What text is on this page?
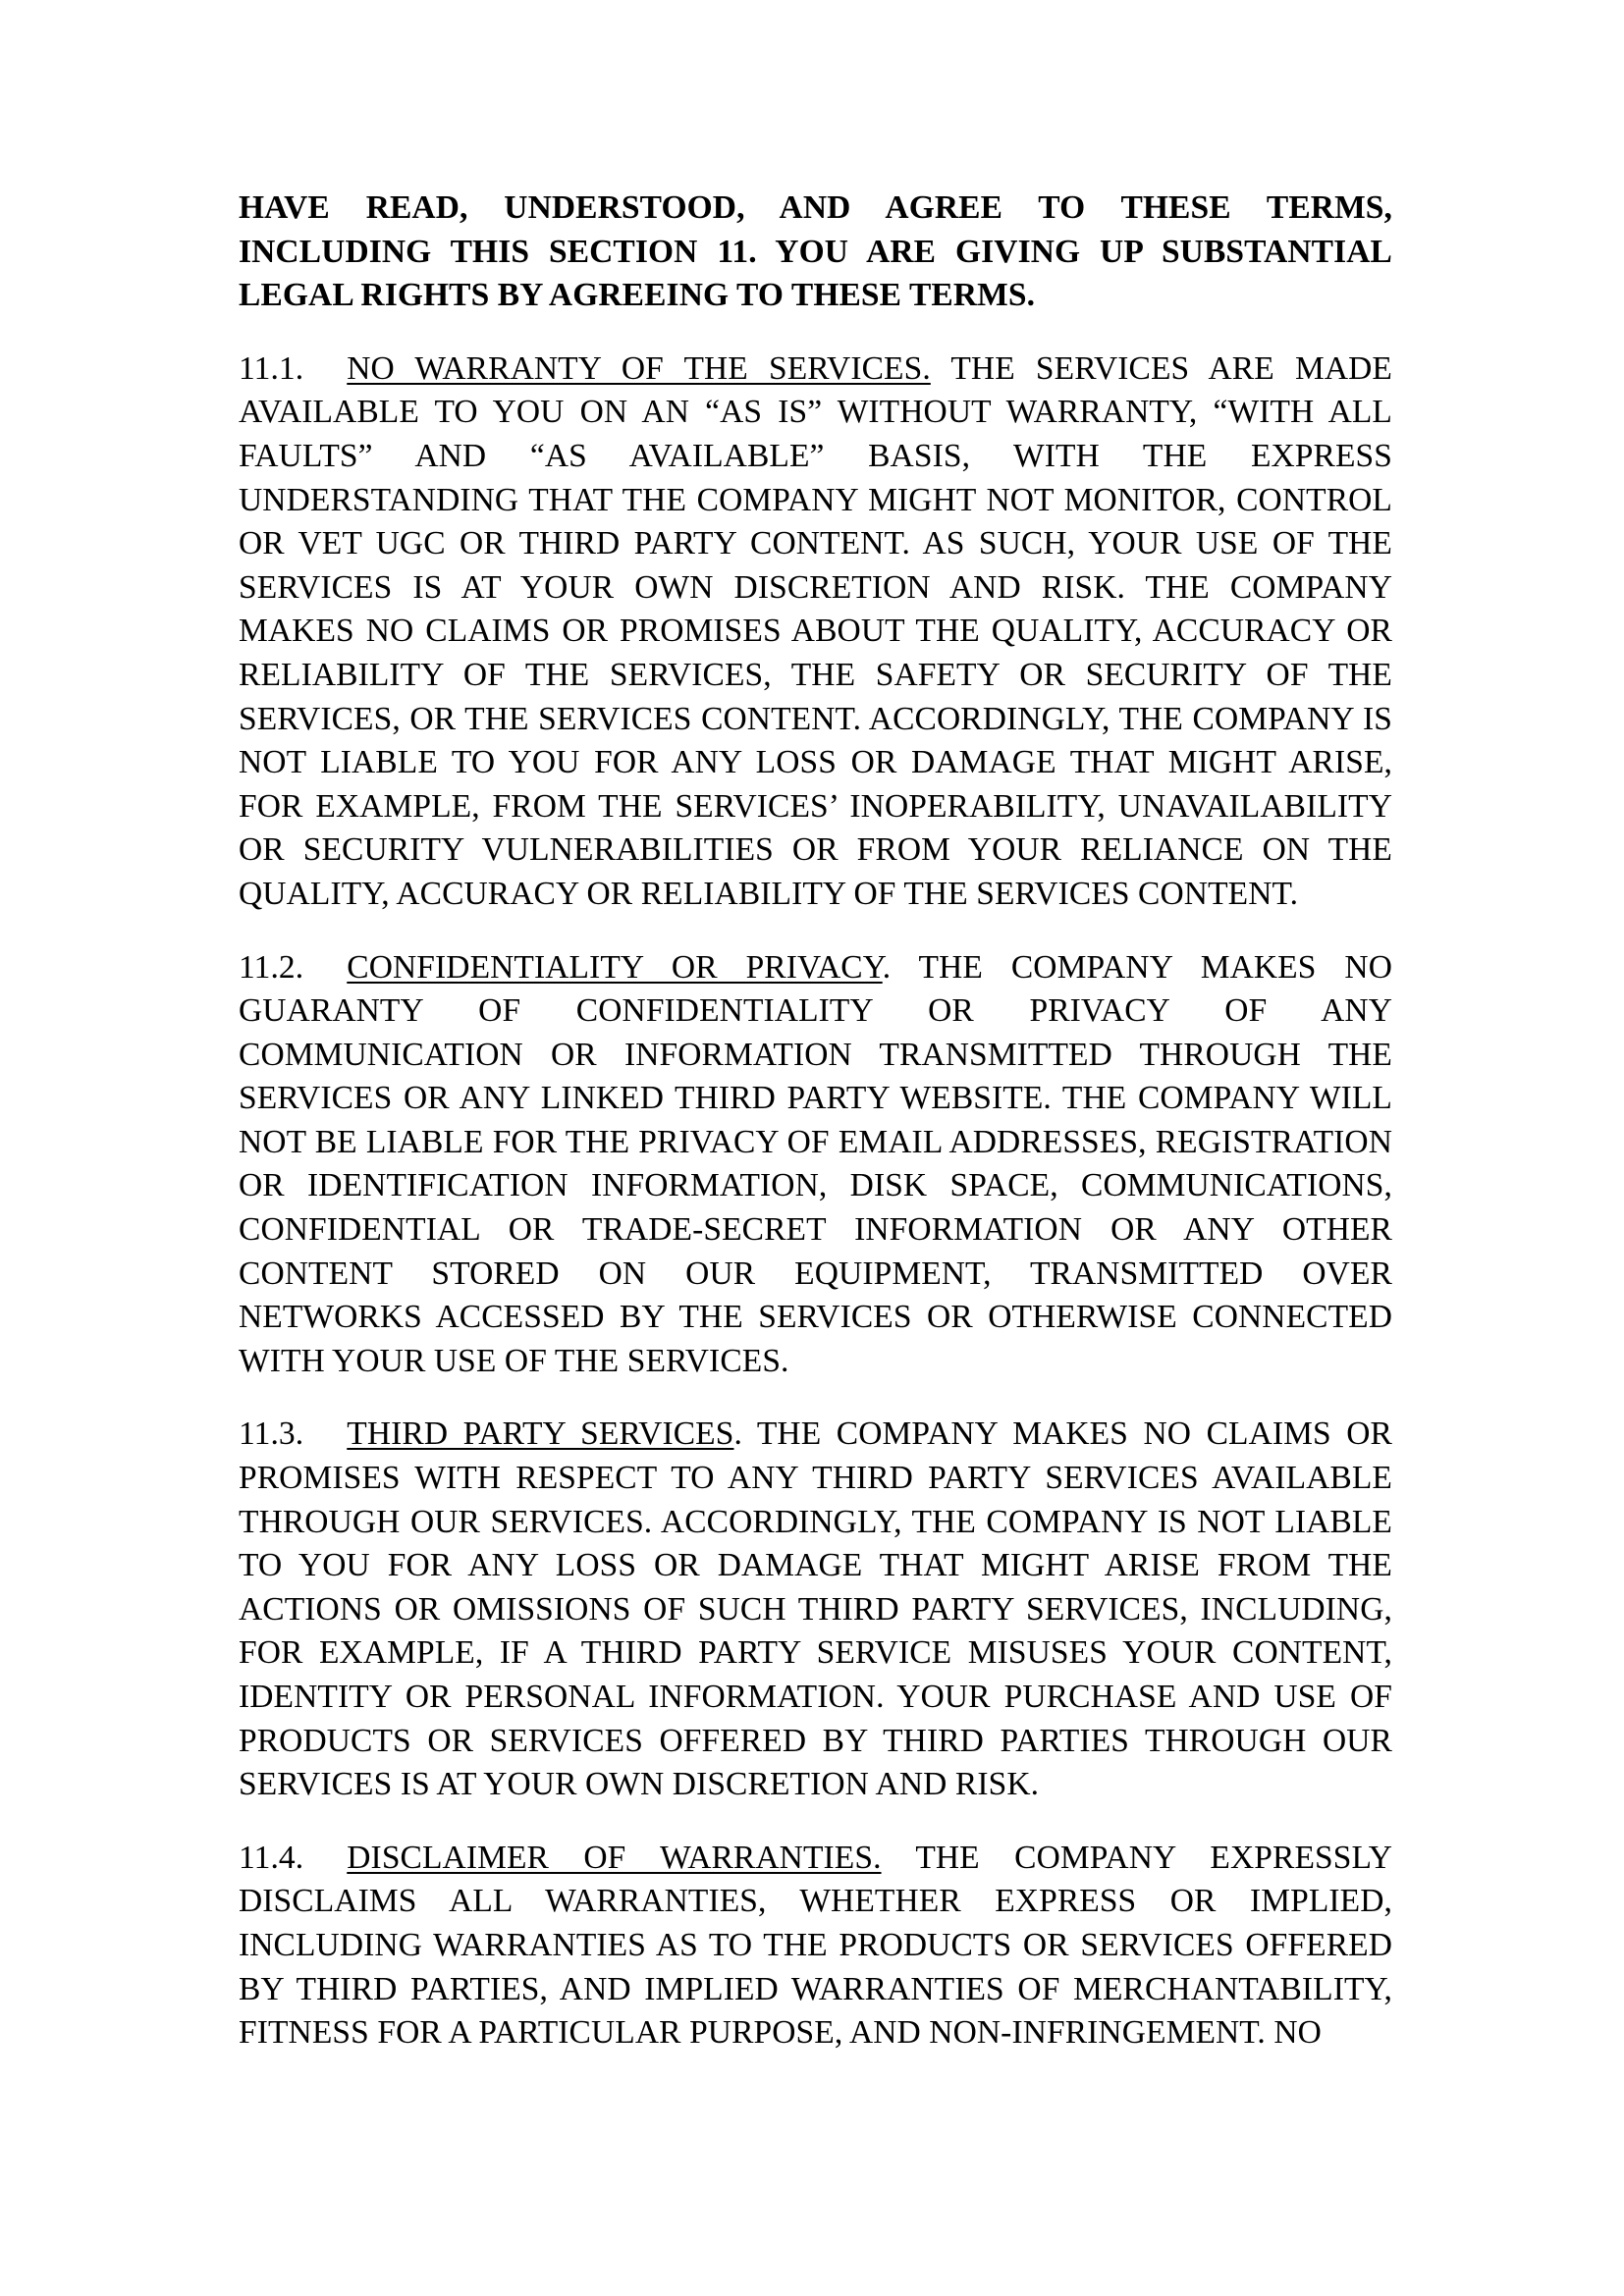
HAVE READ, UNDERSTOOD, AND AGREE TO THESE TERMS, INCLUDING THIS SECTION 11. YOU ARE GIVING UP SUBSTANTIAL LEGAL RIGHTS BY AGREEING TO THESE TERMS.

11.1. NO WARRANTY OF THE SERVICES. THE SERVICES ARE MADE AVAILABLE TO YOU ON AN “AS IS” WITHOUT WARRANTY, “WITH ALL FAULTS” AND “AS AVAILABLE” BASIS, WITH THE EXPRESS UNDERSTANDING THAT THE COMPANY MIGHT NOT MONITOR, CONTROL OR VET UGC OR THIRD PARTY CONTENT. AS SUCH, YOUR USE OF THE SERVICES IS AT YOUR OWN DISCRETION AND RISK. THE COMPANY MAKES NO CLAIMS OR PROMISES ABOUT THE QUALITY, ACCURACY OR RELIABILITY OF THE SERVICES, THE SAFETY OR SECURITY OF THE SERVICES, OR THE SERVICES CONTENT. ACCORDINGLY, THE COMPANY IS NOT LIABLE TO YOU FOR ANY LOSS OR DAMAGE THAT MIGHT ARISE, FOR EXAMPLE, FROM THE SERVICES’ INOPERABILITY, UNAVAILABILITY OR SECURITY VULNERABILITIES OR FROM YOUR RELIANCE ON THE QUALITY, ACCURACY OR RELIABILITY OF THE SERVICES CONTENT.

11.2. CONFIDENTIALITY OR PRIVACY. THE COMPANY MAKES NO GUARANTY OF CONFIDENTIALITY OR PRIVACY OF ANY COMMUNICATION OR INFORMATION TRANSMITTED THROUGH THE SERVICES OR ANY LINKED THIRD PARTY WEBSITE. THE COMPANY WILL NOT BE LIABLE FOR THE PRIVACY OF EMAIL ADDRESSES, REGISTRATION OR IDENTIFICATION INFORMATION, DISK SPACE, COMMUNICATIONS, CONFIDENTIAL OR TRADE-SECRET INFORMATION OR ANY OTHER CONTENT STORED ON OUR EQUIPMENT, TRANSMITTED OVER NETWORKS ACCESSED BY THE SERVICES OR OTHERWISE CONNECTED WITH YOUR USE OF THE SERVICES.

11.3. THIRD PARTY SERVICES. THE COMPANY MAKES NO CLAIMS OR PROMISES WITH RESPECT TO ANY THIRD PARTY SERVICES AVAILABLE THROUGH OUR SERVICES. ACCORDINGLY, THE COMPANY IS NOT LIABLE TO YOU FOR ANY LOSS OR DAMAGE THAT MIGHT ARISE FROM THE ACTIONS OR OMISSIONS OF SUCH THIRD PARTY SERVICES, INCLUDING, FOR EXAMPLE, IF A THIRD PARTY SERVICE MISUSES YOUR CONTENT, IDENTITY OR PERSONAL INFORMATION. YOUR PURCHASE AND USE OF PRODUCTS OR SERVICES OFFERED BY THIRD PARTIES THROUGH OUR SERVICES IS AT YOUR OWN DISCRETION AND RISK.

11.4. DISCLAIMER OF WARRANTIES. THE COMPANY EXPRESSLY DISCLAIMS ALL WARRANTIES, WHETHER EXPRESS OR IMPLIED, INCLUDING WARRANTIES AS TO THE PRODUCTS OR SERVICES OFFERED BY THIRD PARTIES, AND IMPLIED WARRANTIES OF MERCHANTABILITY, FITNESS FOR A PARTICULAR PURPOSE, AND NON-INFRINGEMENT. NO
